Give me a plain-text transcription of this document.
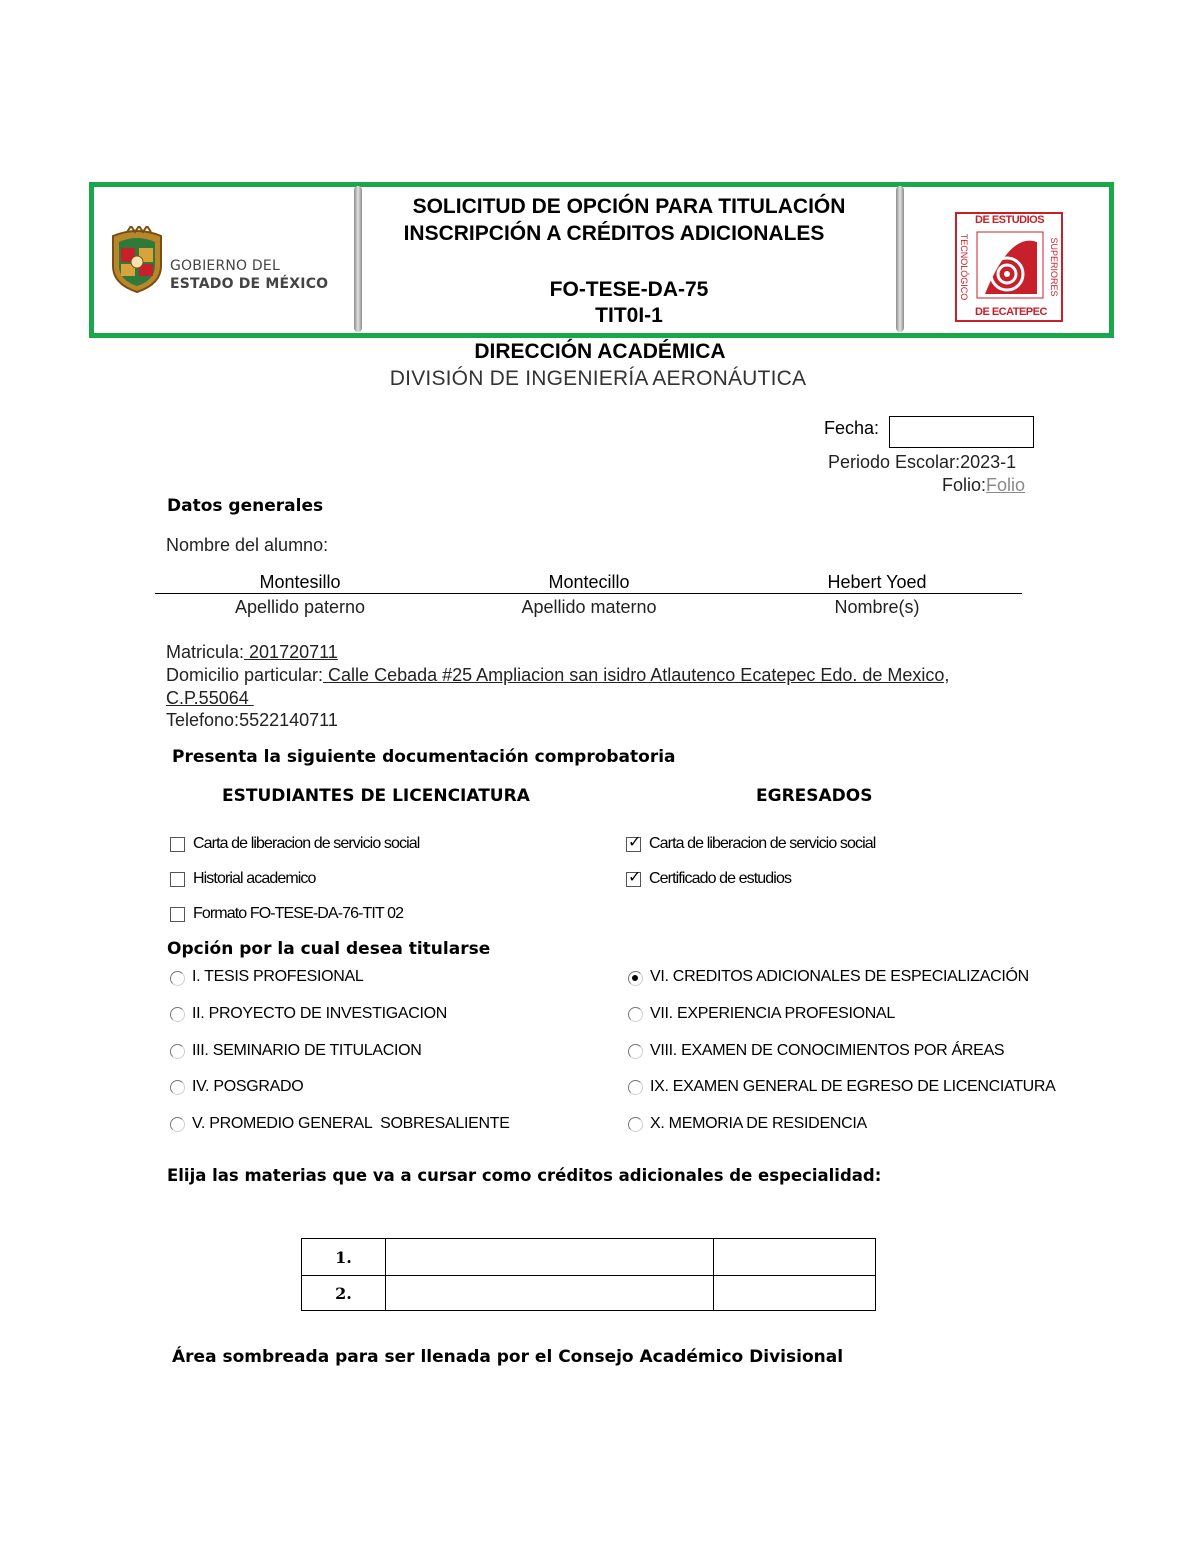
GOBIERNO DEL
ESTADO DE MÉXICO
SOLICITUD DE OPCIÓN PARA TITULACIÓN
INSCRIPCIÓN A CRÉDITOS ADICIONALES
FO-TESE-DA-75
TIT0I-1
DE ESTUDIOS
DE ECATEPEC
TECNOLÓGICO	SUPERIORES
DIRECCIÓN ACADÉMICA
DIVISIÓN DE INGENIERÍA AERONÁUTICA
Fecha:
Periodo Escolar:2023-1
Folio:Folio
Datos generales
Nombre del alumno:
Montesillo	Montecillo	Hebert Yoed
Apellido paterno	Apellido materno	Nombre(s)
Matricula: 201720711
Domicilio particular: Calle Cebada #25 Ampliacion san isidro Atlautenco Ecatepec Edo. de Mexico,
C.P.55064
Telefono:5522140711
Presenta la siguiente documentación comprobatoria
ESTUDIANTES DE LICENCIATURA	EGRESADOS
Carta de liberacion de servicio social
Historial academico
Formato FO-TESE-DA-76-TIT 02
✓ Carta de liberacion de servicio social
✓ Certificado de estudios
Opción por la cual desea titularse
I. TESIS PROFESIONAL
II. PROYECTO DE INVESTIGACION
III. SEMINARIO DE TITULACION
IV. POSGRADO
V. PROMEDIO GENERAL  SOBRESALIENTE
VI. CREDITOS ADICIONALES DE ESPECIALIZACIÓN
VII. EXPERIENCIA PROFESIONAL
VIII. EXAMEN DE CONOCIMIENTOS POR ÁREAS
IX. EXAMEN GENERAL DE EGRESO DE LICENCIATURA
X. MEMORIA DE RESIDENCIA
Elija las materias que va a cursar como créditos adicionales de especialidad:
1.		
2.		
Área sombreada para ser llenada por el Consejo Académico Divisional
